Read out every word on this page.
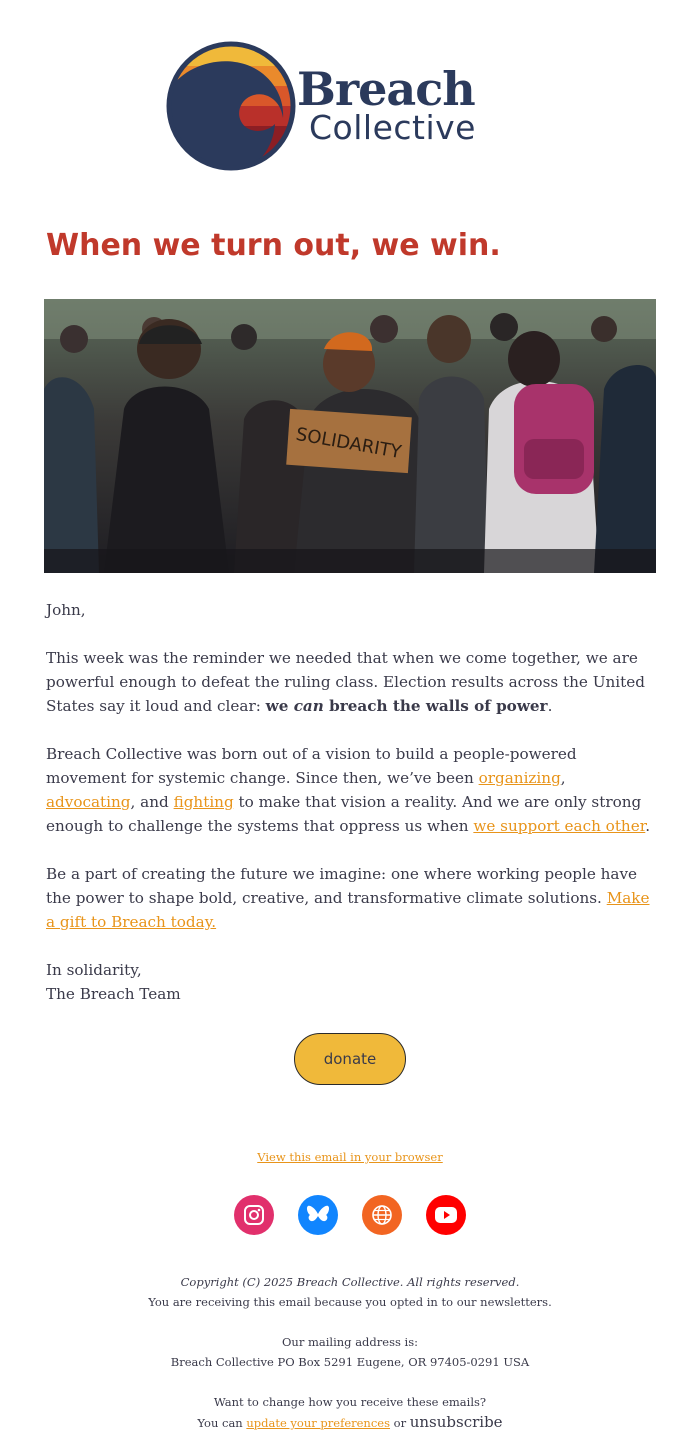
Breach
Collective
When we turn out, we win.
SOLIDARITY

John,

This week was the reminder we needed that when we come together, we are powerful enough to defeat the ruling class. Election results across the United States say it loud and clear: we can breach the walls of power.

Breach Collective was born out of a vision to build a people-powered movement for systemic change. Since then, we’ve been organizing, advocating, and fighting to make that vision a reality. And we are only strong enough to challenge the systems that oppress us when we support each other.

Be a part of creating the future we imagine: one where working people have the power to shape bold, creative, and transformative climate solutions. Make a gift to Breach today.

In solidarity,
The Breach Team

donate
View this email in your browser
Copyright (C) 2025 Breach Collective. All rights reserved.
You are receiving this email because you opted in to our newsletters.
Our mailing address is:
Breach Collective PO Box 5291 Eugene, OR 97405-0291 USA
Want to change how you receive these emails?
You can update your preferences or unsubscribe
